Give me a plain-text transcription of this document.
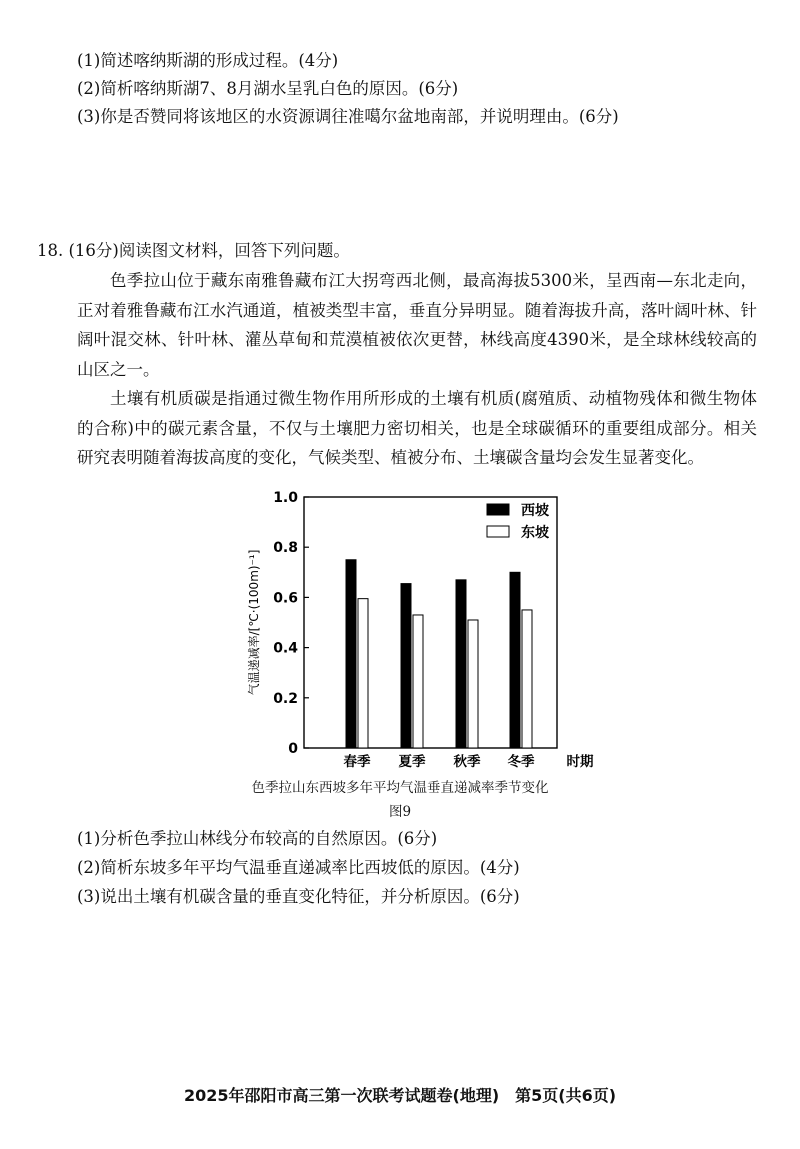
(1)简述喀纳斯湖的形成过程。(4分)
(2)简析喀纳斯湖7、8月湖水呈乳白色的原因。(6分)
(3)你是否赞同将该地区的水资源调往准噶尔盆地南部，并说明理由。(6分)
18. (16分)阅读图文材料，回答下列问题。
色季拉山位于藏东南雅鲁藏布江大拐弯西北侧，最高海拔5300米，呈西南—东北走向，正对着雅鲁藏布江水汽通道，植被类型丰富，垂直分异明显。随着海拔升高，落叶阔叶林、针阔叶混交林、针叶林、灌丛草甸和荒漠植被依次更替，林线高度4390米，是全球林线较高的山区之一。
土壤有机质碳是指通过微生物作用所形成的土壤有机质(腐殖质、动植物残体和微生物体的合称)中的碳元素含量，不仅与土壤肥力密切相关，也是全球碳循环的重要组成部分。相关研究表明随着海拔高度的变化，气候类型、植被分布、土壤碳含量均会发生显著变化。
0
0.2
0.4
0.6
0.8
1.0
气温递减率/[℃·(100m)⁻¹]
春季 夏季 秋季 冬季 时期
西坡
东坡
色季拉山东西坡多年平均气温垂直递减率季节变化
图9
(1)分析色季拉山林线分布较高的自然原因。(6分)
(2)简析东坡多年平均气温垂直递减率比西坡低的原因。(4分)
(3)说出土壤有机碳含量的垂直变化特征，并分析原因。(6分)
2025年邵阳市高三第一次联考试题卷(地理)　第5页(共6页)
